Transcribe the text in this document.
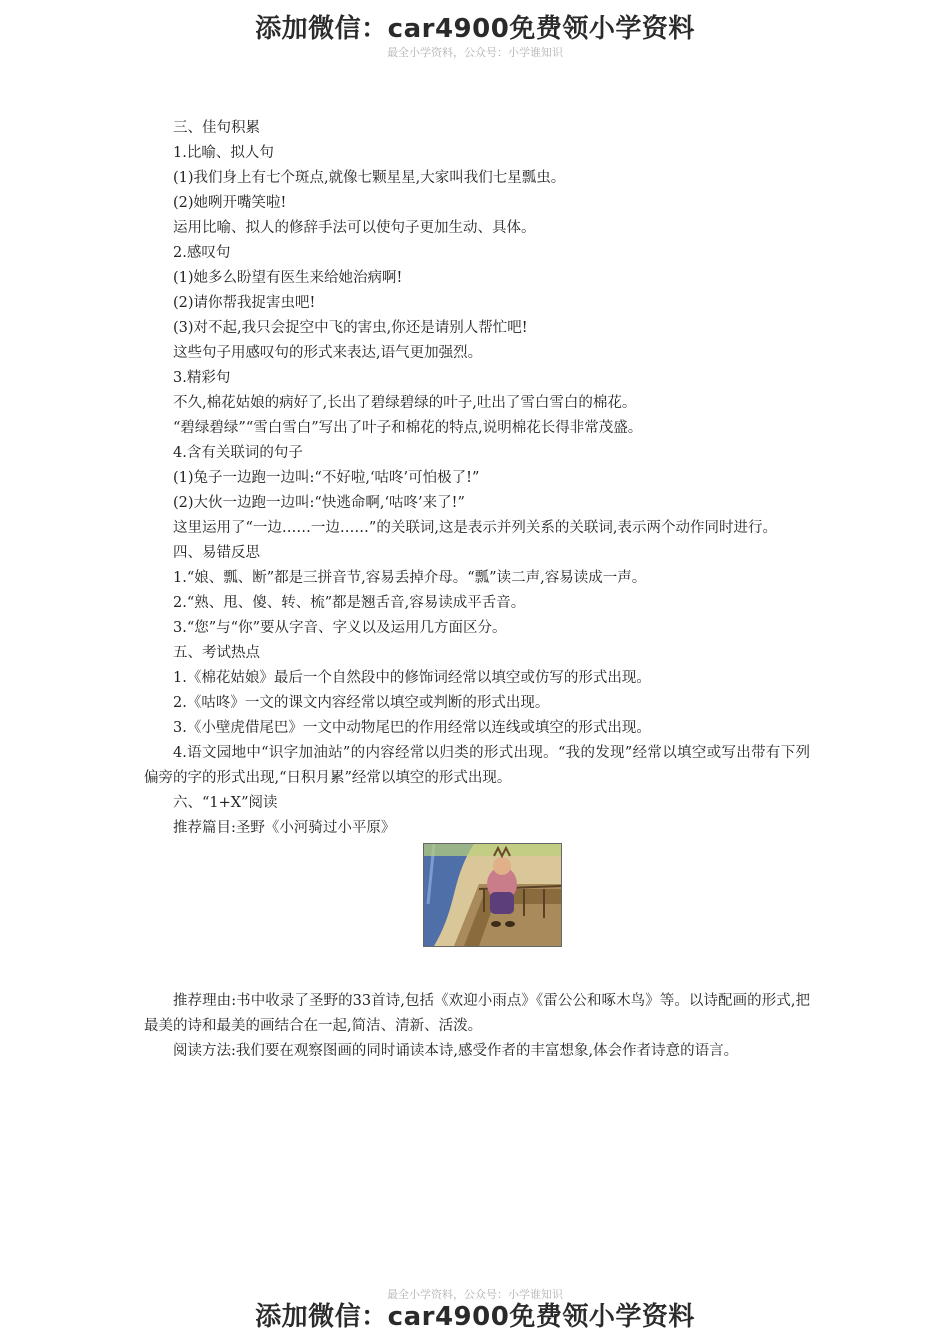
添加微信：car4900免费领小学资料
最全小学资料，公众号：小学谁知识

三、佳句积累

1.比喻、拟人句

(1)我们身上有七个斑点,就像七颗星星,大家叫我们七星瓢虫。

(2)她咧开嘴笑啦!

运用比喻、拟人的修辞手法可以使句子更加生动、具体。

2.感叹句

(1)她多么盼望有医生来给她治病啊!

(2)请你帮我捉害虫吧!

(3)对不起,我只会捉空中飞的害虫,你还是请别人帮忙吧!

这些句子用感叹句的形式来表达,语气更加强烈。

3.精彩句

不久,棉花姑娘的病好了,长出了碧绿碧绿的叶子,吐出了雪白雪白的棉花。

“碧绿碧绿”“雪白雪白”写出了叶子和棉花的特点,说明棉花长得非常茂盛。

4.含有关联词的句子

(1)兔子一边跑一边叫:“不好啦,‘咕咚’可怕极了!”

(2)大伙一边跑一边叫:“快逃命啊,‘咕咚’来了!”

这里运用了“一边……一边……”的关联词,这是表示并列关系的关联词,表示两个动作同时进行。

四、易错反思

1.“娘、瓢、断”都是三拼音节,容易丢掉介母。“瓢”读二声,容易读成一声。

2.“熟、甩、傻、转、梳”都是翘舌音,容易读成平舌音。

3.“您”与“你”要从字音、字义以及运用几方面区分。

五、考试热点

1.《棉花姑娘》最后一个自然段中的修饰词经常以填空或仿写的形式出现。

2.《咕咚》一文的课文内容经常以填空或判断的形式出现。

3.《小壁虎借尾巴》一文中动物尾巴的作用经常以连线或填空的形式出现。

4.语文园地中“识字加油站”的内容经常以归类的形式出现。“我的发现”经常以填空或写出带有下列偏旁的字的形式出现,“日积月累”经常以填空的形式出现。

六、“1+X”阅读

推荐篇目:圣野《小河骑过小平原》

推荐理由:书中收录了圣野的33首诗,包括《欢迎小雨点》《雷公公和啄木鸟》等。以诗配画的形式,把最美的诗和最美的画结合在一起,简洁、清新、活泼。

阅读方法:我们要在观察图画的同时诵读本诗,感受作者的丰富想象,体会作者诗意的语言。

最全小学资料，公众号：小学谁知识
添加微信：car4900免费领小学资料
